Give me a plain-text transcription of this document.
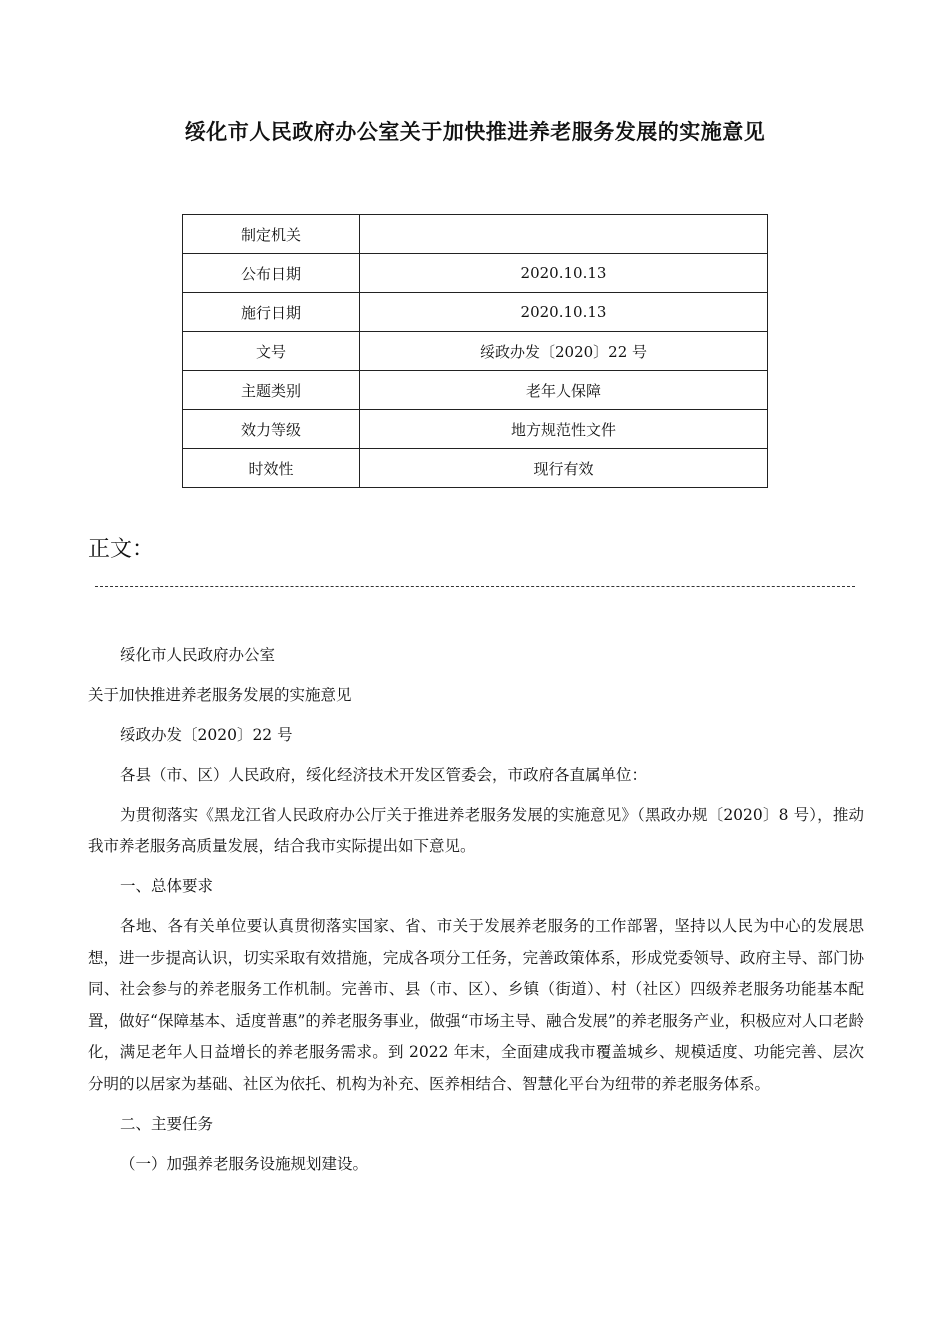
绥化市人民政府办公室关于加快推进养老服务发展的实施意见
制定机关	
公布日期	2020.10.13
施行日期	2020.10.13
文号	绥政办发〔2020〕22 号
主题类别	老年人保障
效力等级	地方规范性文件
时效性	现行有效
正文：

绥化市人民政府办公室

关于加快推进养老服务发展的实施意见

绥政办发〔2020〕22 号

各县（市、区）人民政府，绥化经济技术开发区管委会，市政府各直属单位：

为贯彻落实《黑龙江省人民政府办公厅关于推进养老服务发展的实施意见》（黑政办规〔2020〕8 号），推动我市养老服务高质量发展，结合我市实际提出如下意见。

一、总体要求

各地、各有关单位要认真贯彻落实国家、省、市关于发展养老服务的工作部署，坚持以人民为中心的发展思想，进一步提高认识，切实采取有效措施，完成各项分工任务，完善政策体系，形成党委领导、政府主导、部门协同、社会参与的养老服务工作机制。完善市、县（市、区）、乡镇（街道）、村（社区）四级养老服务功能基本配置，做好“保障基本、适度普惠”的养老服务事业，做强“市场主导、融合发展”的养老服务产业，积极应对人口老龄化，满足老年人日益增长的养老服务需求。到 2022 年末，全面建成我市覆盖城乡、规模适度、功能完善、层次分明的以居家为基础、社区为依托、机构为补充、医养相结合、智慧化平台为纽带的养老服务体系。

二、主要任务

（一）加强养老服务设施规划建设。
